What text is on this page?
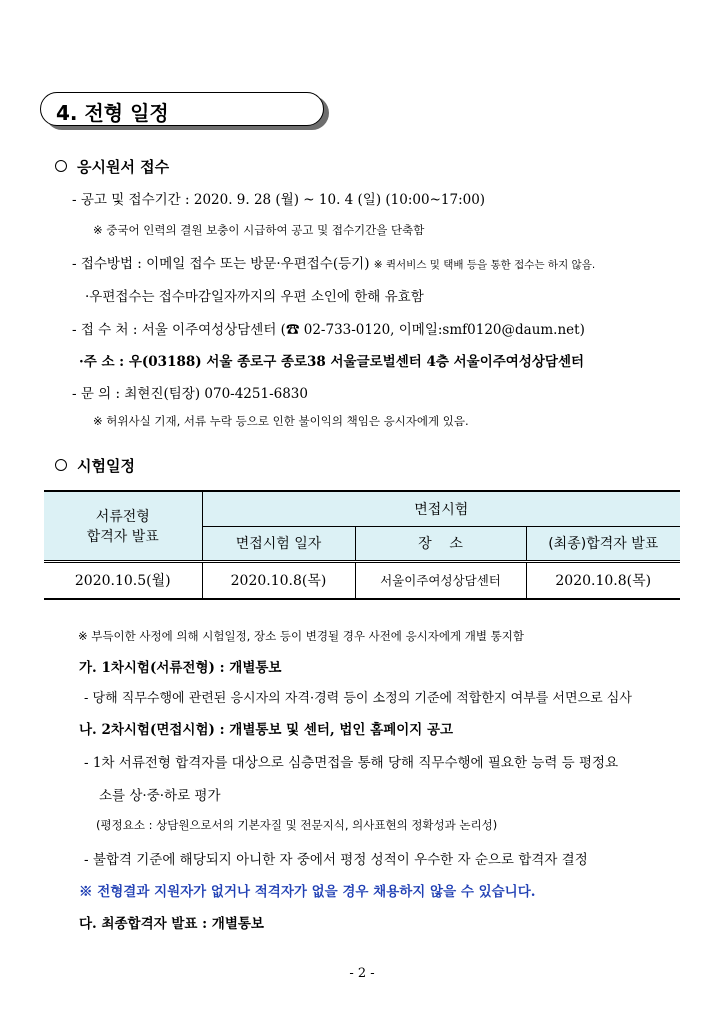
4. 전형 일정
응시원서 접수
- 공고 및 접수기간 : 2020. 9. 28 (월) ~ 10. 4 (일) (10:00~17:00)
※ 중국어 인력의 결원 보충이 시급하여 공고 및 접수기간을 단축함
- 접수방법 : 이메일 접수 또는 방문·우편접수(등기) ※ 퀵서비스 및 택배 등을 통한 접수는 하지 않음.
·우편접수는 접수마감일자까지의 우편 소인에 한해 유효함
- 접 수 처 : 서울 이주여성상담센터 (☎ 02-733-0120, 이메일:smf0120@daum.net)
·주 소 : 우(03188) 서울 종로구 종로38 서울글로벌센터 4층 서울이주여성상담센터
- 문 의 : 최현진(팀장) 070-4251-6830
※ 허위사실 기재, 서류 누락 등으로 인한 불이익의 책임은 응시자에게 있음.
시험일정
서류전형
합격자 발표	면접시험		
	면접시험 일자	장    소	(최종)합격자 발표
2020.10.5(월)	2020.10.8(목)	서울이주여성상담센터	2020.10.8(목)
※ 부득이한 사정에 의해 시험일정, 장소 등이 변경될 경우 사전에 응시자에게 개별 통지함
가. 1차시험(서류전형) : 개별통보
- 당해 직무수행에 관련된 응시자의 자격·경력 등이 소정의 기준에 적합한지 여부를 서면으로 심사
나. 2차시험(면접시험) : 개별통보 및 센터, 법인 홈페이지 공고
- 1차 서류전형 합격자를 대상으로 심층면접을 통해 당해 직무수행에 필요한 능력 등 평정요
소를 상·중·하로 평가
(평정요소 : 상담원으로서의 기본자질 및 전문지식, 의사표현의 정확성과 논리성)
- 불합격 기준에 해당되지 아니한 자 중에서 평정 성적이 우수한 자 순으로 합격자 결정
※ 전형결과 지원자가 없거나 적격자가 없을 경우 채용하지 않을 수 있습니다.
다. 최종합격자 발표 : 개별통보
- 2 -
